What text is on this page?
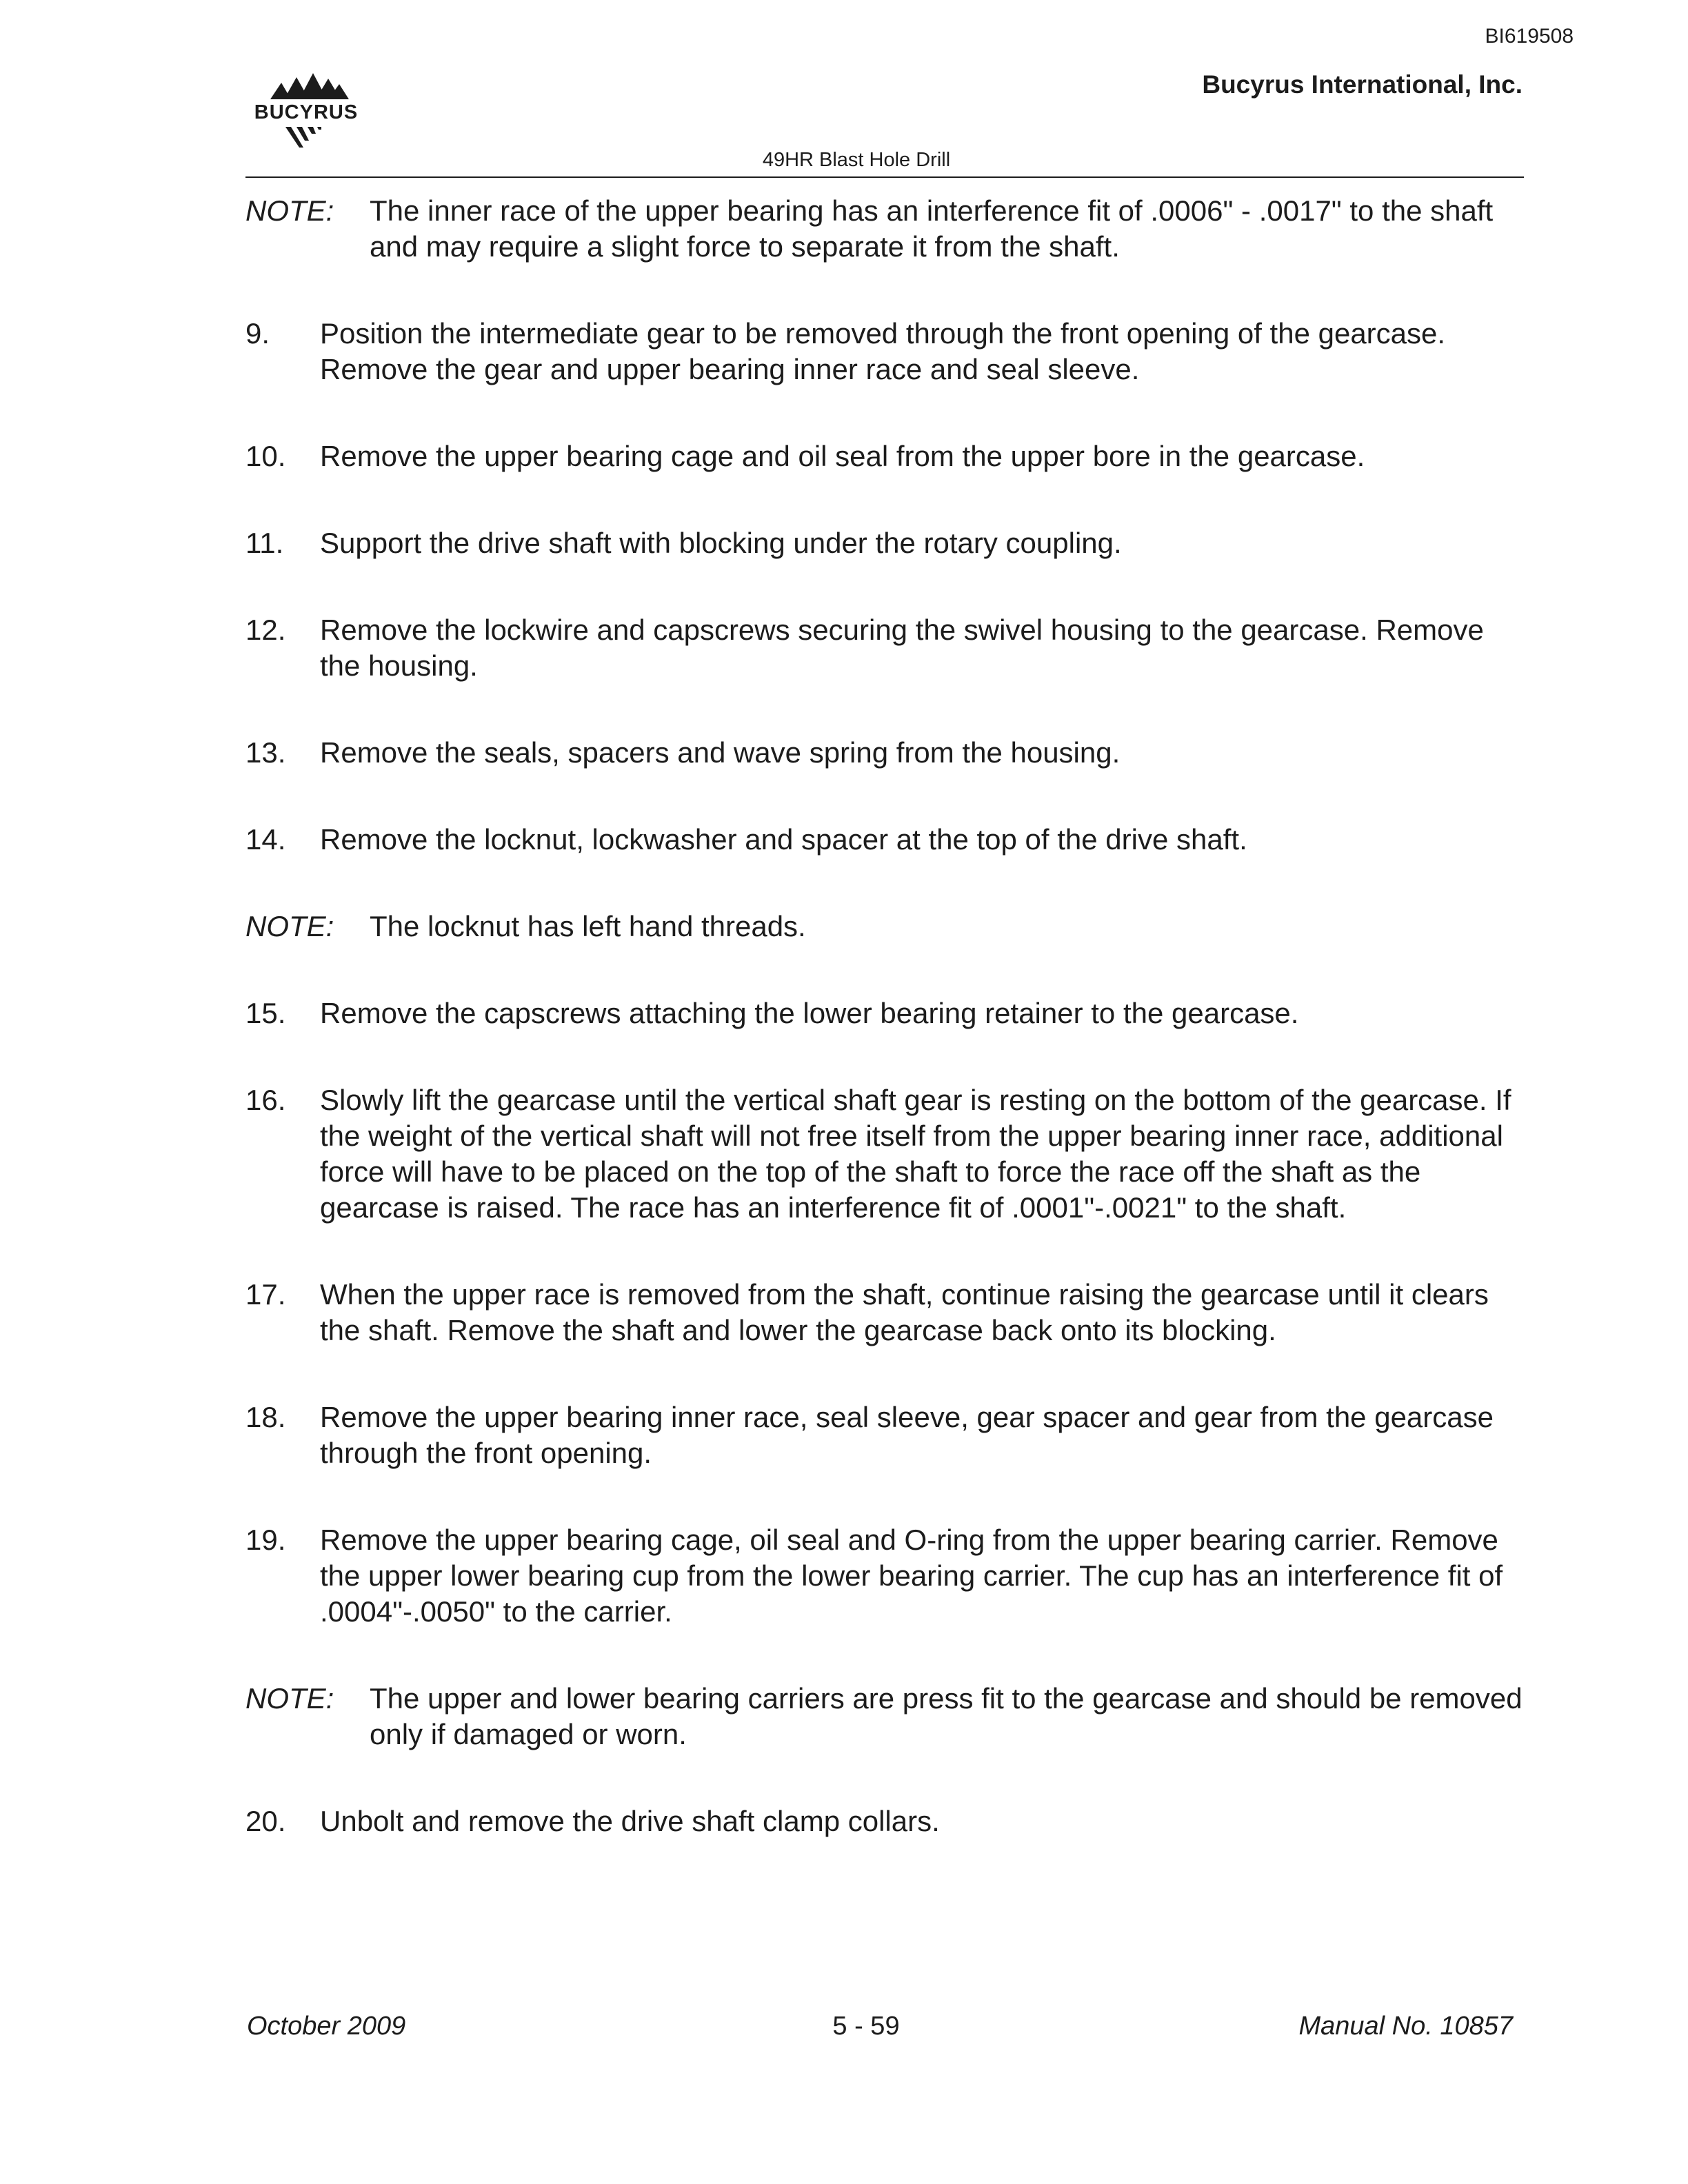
BI619508
Bucyrus International, Inc.
BUCYRUS
49HR Blast Hole Drill
NOTE: The inner race of the upper bearing has an interference fit of .0006" - .0017" to the shaft and may require a slight force to separate it from the shaft.
9. Position the intermediate gear to be removed through the front opening of the gearcase. Remove the gear and upper bearing inner race and seal sleeve.
10. Remove the upper bearing cage and oil seal from the upper bore in the gearcase.
11. Support the drive shaft with blocking under the rotary coupling.
12. Remove the lockwire and capscrews securing the swivel housing to the gearcase. Remove the housing.
13. Remove the seals, spacers and wave spring from the housing.
14. Remove the locknut, lockwasher and spacer at the top of the drive shaft.
NOTE: The locknut has left hand threads.
15. Remove the capscrews attaching the lower bearing retainer to the gearcase.
16. Slowly lift the gearcase until the vertical shaft gear is resting on the bottom of the gearcase. If the weight of the vertical shaft will not free itself from the upper bearing inner race, additional force will have to be placed on the top of the shaft to force the race off the shaft as the gearcase is raised. The race has an interference fit of .0001"-.0021" to the shaft.
17. When the upper race is removed from the shaft, continue raising the gearcase until it clears the shaft. Remove the shaft and lower the gearcase back onto its blocking.
18. Remove the upper bearing inner race, seal sleeve, gear spacer and gear from the gearcase through the front opening.
19. Remove the upper bearing cage, oil seal and O-ring from the upper bearing carrier. Remove the upper lower bearing cup from the lower bearing carrier. The cup has an interference fit of .0004"-.0050" to the carrier.
NOTE: The upper and lower bearing carriers are press fit to the gearcase and should be removed only if damaged or worn.
20. Unbolt and remove the drive shaft clamp collars.
October 2009	5 - 59	Manual No. 10857
